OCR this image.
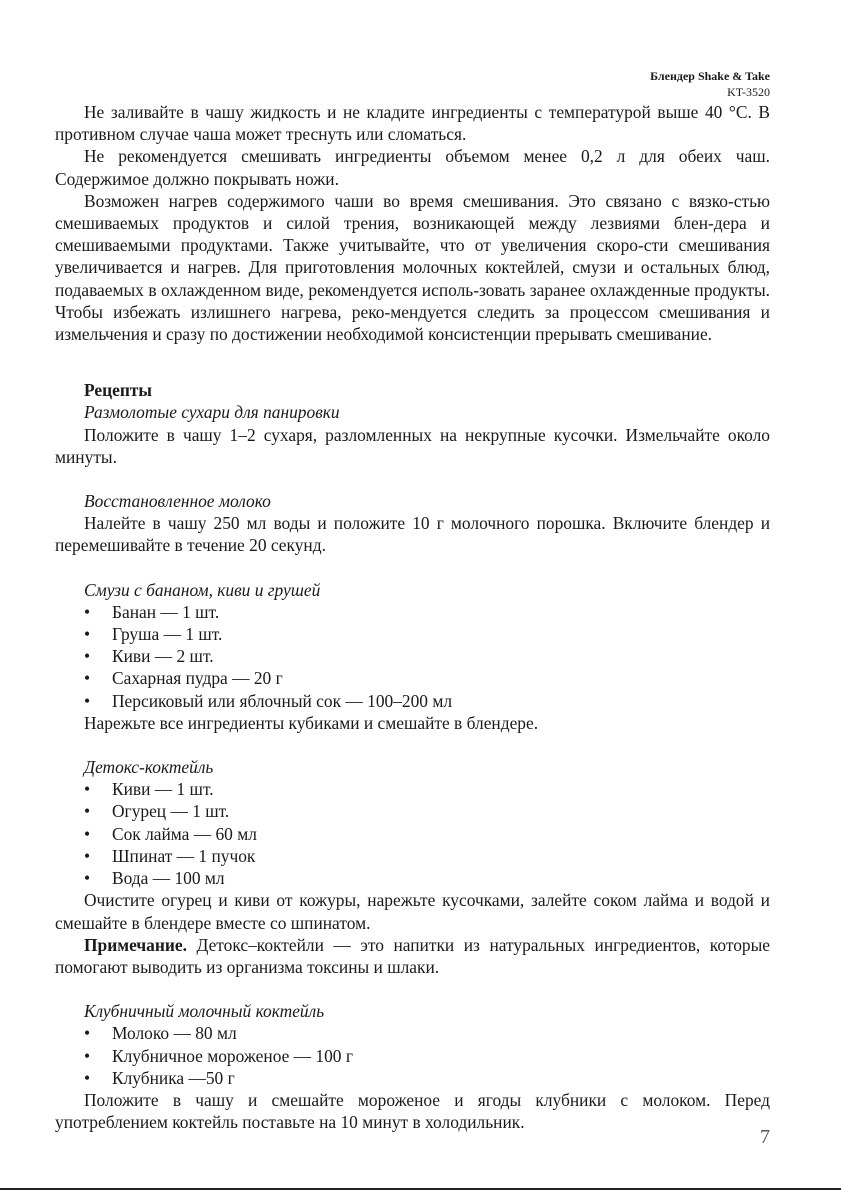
Блендер Shake & Take
KT-3520

Не заливайте в чашу жидкость и не кладите ингредиенты с температурой выше 40 °С. В противном случае чаша может треснуть или сломаться.

Не рекомендуется смешивать ингредиенты объемом менее 0,2 л для обеих чаш. Содержимое должно покрывать ножи.

Возможен нагрев содержимого чаши во время смешивания. Это связано с вязко-стью смешиваемых продуктов и силой трения, возникающей между лезвиями блен-дера и смешиваемыми продуктами. Также учитывайте, что от увеличения скоро-сти смешивания увеличивается и нагрев. Для приготовления молочных коктейлей, смузи и остальных блюд, подаваемых в охлажденном виде, рекомендуется исполь-зовать заранее охлажденные продукты. Чтобы избежать излишнего нагрева, реко-мендуется следить за процессом смешивания и измельчения и сразу по достижении необходимой консистенции прерывать смешивание.

Рецепты
Размолотые сухари для панировки

Положите в чашу 1–2 сухаря, разломленных на некрупные кусочки. Измельчайте около минуты.

Восстановленное молоко

Налейте в чашу 250 мл воды и положите 10 г молочного порошка. Включите блендер и перемешивайте в течение 20 секунд.

Смузи с бананом, киви и грушей
• Банан — 1 шт.
• Груша — 1 шт.
• Киви — 2 шт.
• Сахарная пудра — 20 г
• Персиковый или яблочный сок — 100–200 мл

Нарежьте все ингредиенты кубиками и смешайте в блендере.

Детокс-коктейль
• Киви — 1 шт.
• Огурец — 1 шт.
• Сок лайма — 60 мл
• Шпинат — 1 пучок
• Вода — 100 мл

Очистите огурец и киви от кожуры, нарежьте кусочками, залейте соком лайма и водой и смешайте в блендере вместе со шпинатом.

Примечание. Детокс–коктейли — это напитки из натуральных ингредиентов, которые помогают выводить из организма токсины и шлаки.

Клубничный молочный коктейль
• Молоко — 80 мл
• Клубничное мороженое — 100 г
• Клубника —50 г

Положите в чашу и смешайте мороженое и ягоды клубники с молоком. Перед употреблением коктейль поставьте на 10 минут в холодильник.

7
